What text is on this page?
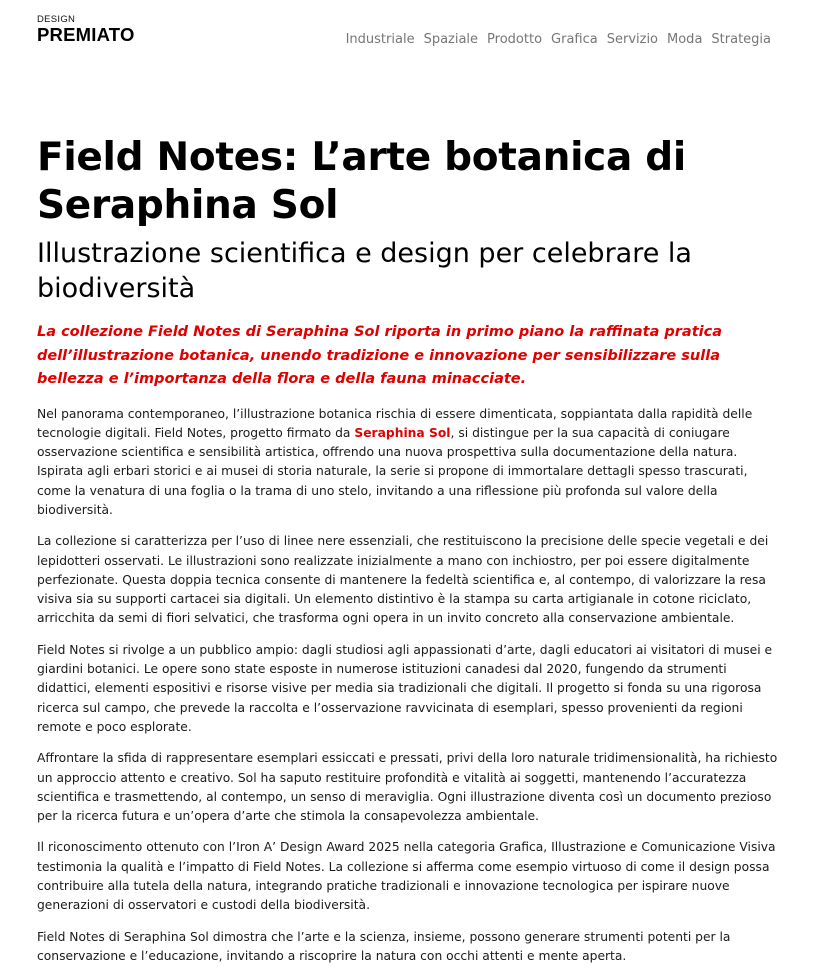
DESIGN
PREMIATO	Industriale Spaziale Prodotto Grafica Servizio Moda Strategia
Field Notes: L’arte botanica di Seraphina Sol
Illustrazione scientifica e design per celebrare la biodiversità

La collezione Field Notes di Seraphina Sol riporta in primo piano la raffinata pratica dell’illustrazione botanica, unendo tradizione e innovazione per sensibilizzare sulla bellezza e l’importanza della flora e della fauna minacciate.

Nel panorama contemporaneo, l’illustrazione botanica rischia di essere dimenticata, soppiantata dalla rapidità delle tecnologie digitali. Field Notes, progetto firmato da Seraphina Sol, si distingue per la sua capacità di coniugare osservazione scientifica e sensibilità artistica, offrendo una nuova prospettiva sulla documentazione della natura. Ispirata agli erbari storici e ai musei di storia naturale, la serie si propone di immortalare dettagli spesso trascurati, come la venatura di una foglia o la trama di uno stelo, invitando a una riflessione più profonda sul valore della biodiversità.

La collezione si caratterizza per l’uso di linee nere essenziali, che restituiscono la precisione delle specie vegetali e dei lepidotteri osservati. Le illustrazioni sono realizzate inizialmente a mano con inchiostro, per poi essere digitalmente perfezionate. Questa doppia tecnica consente di mantenere la fedeltà scientifica e, al contempo, di valorizzare la resa visiva sia su supporti cartacei sia digitali. Un elemento distintivo è la stampa su carta artigianale in cotone riciclato, arricchita da semi di fiori selvatici, che trasforma ogni opera in un invito concreto alla conservazione ambientale.

Field Notes si rivolge a un pubblico ampio: dagli studiosi agli appassionati d’arte, dagli educatori ai visitatori di musei e giardini botanici. Le opere sono state esposte in numerose istituzioni canadesi dal 2020, fungendo da strumenti didattici, elementi espositivi e risorse visive per media sia tradizionali che digitali. Il progetto si fonda su una rigorosa ricerca sul campo, che prevede la raccolta e l’osservazione ravvicinata di esemplari, spesso provenienti da regioni remote e poco esplorate.

Affrontare la sfida di rappresentare esemplari essiccati e pressati, privi della loro naturale tridimensionalità, ha richiesto un approccio attento e creativo. Sol ha saputo restituire profondità e vitalità ai soggetti, mantenendo l’accuratezza scientifica e trasmettendo, al contempo, un senso di meraviglia. Ogni illustrazione diventa così un documento prezioso per la ricerca futura e un’opera d’arte che stimola la consapevolezza ambientale.

Il riconoscimento ottenuto con l’Iron A’ Design Award 2025 nella categoria Grafica, Illustrazione e Comunicazione Visiva testimonia la qualità e l’impatto di Field Notes. La collezione si afferma come esempio virtuoso di come il design possa contribuire alla tutela della natura, integrando pratiche tradizionali e innovazione tecnologica per ispirare nuove generazioni di osservatori e custodi della biodiversità.

Field Notes di Seraphina Sol dimostra che l’arte e la scienza, insieme, possono generare strumenti potenti per la conservazione e l’educazione, invitando a riscoprire la natura con occhi attenti e mente aperta.
